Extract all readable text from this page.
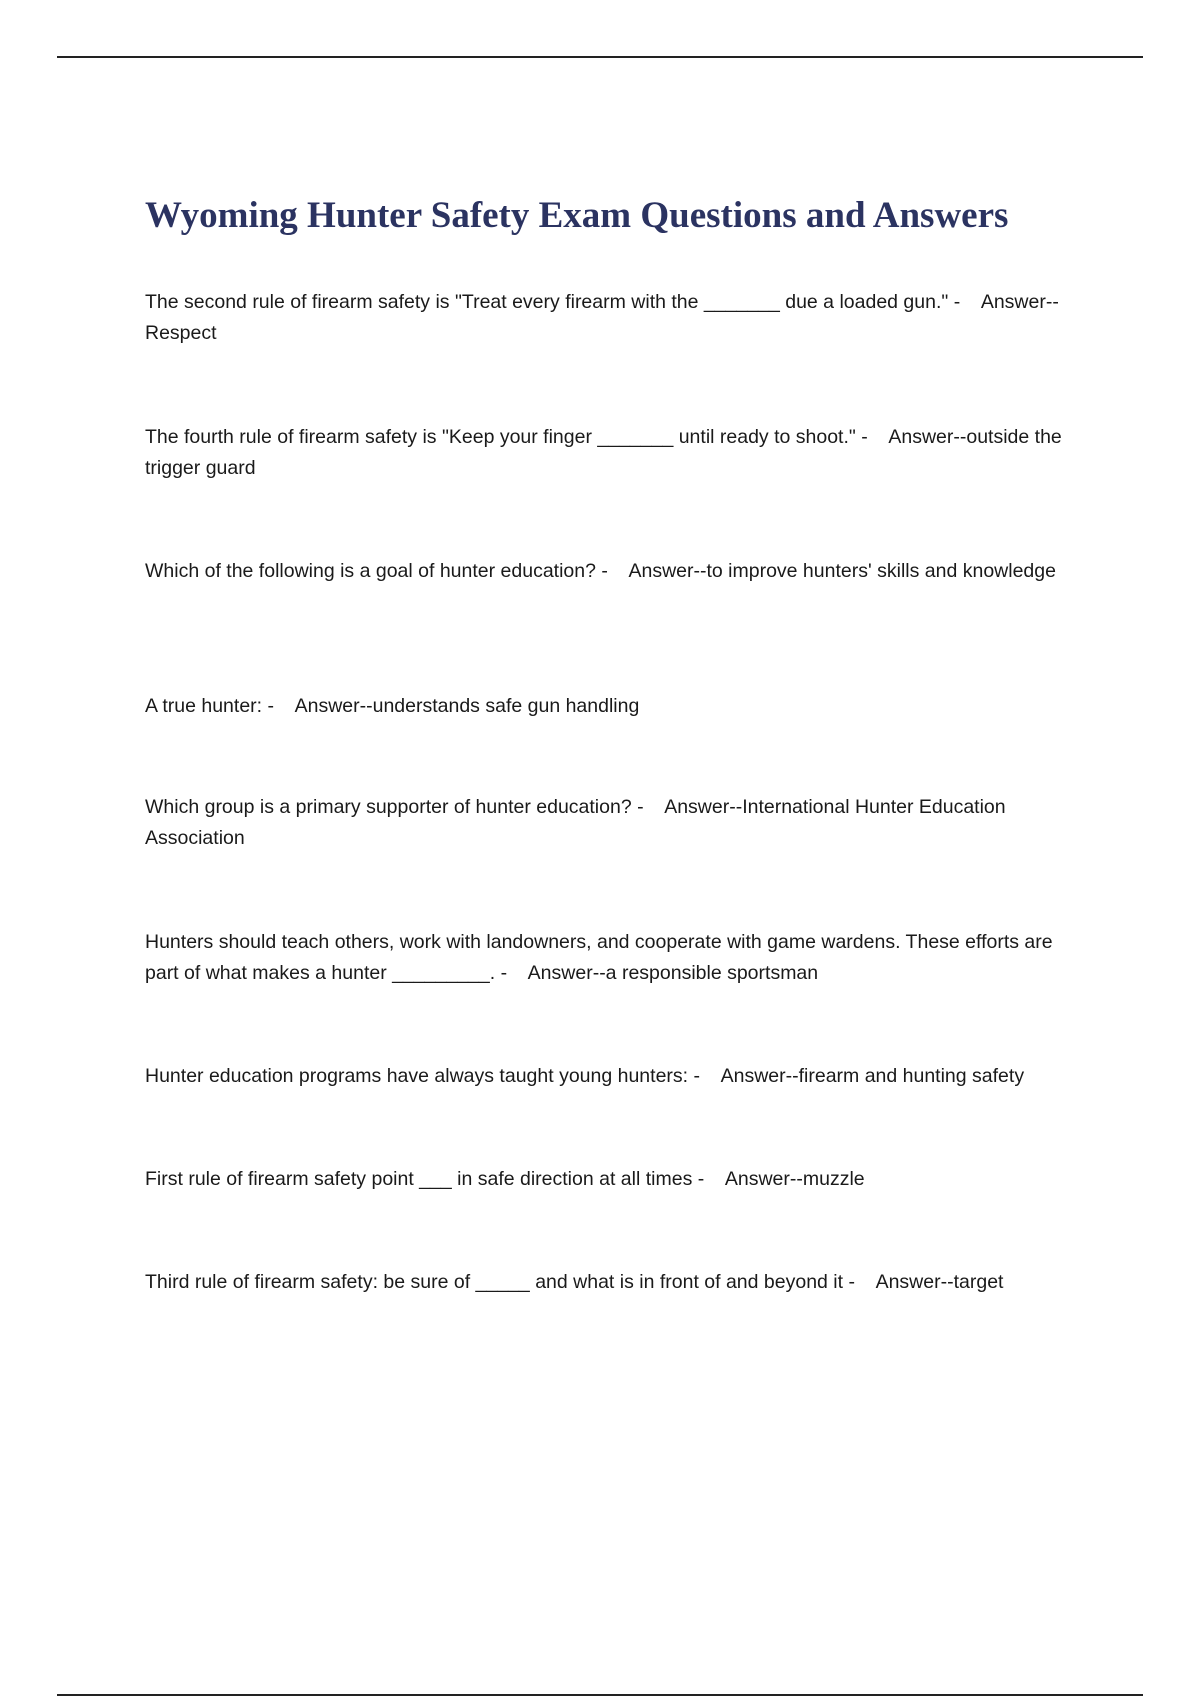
Wyoming Hunter Safety Exam Questions and Answers
The second rule of firearm safety is "Treat every firearm with the _______ due a loaded gun." -    Answer--Respect
The fourth rule of firearm safety is "Keep your finger _______ until ready to shoot." -    Answer--outside the trigger guard
Which of the following is a goal of hunter education? -    Answer--to improve hunters' skills and knowledge
A true hunter: -    Answer--understands safe gun handling
Which group is a primary supporter of hunter education? -    Answer--International Hunter Education Association
Hunters should teach others, work with landowners, and cooperate with game wardens. These efforts are part of what makes a hunter _________. -    Answer--a responsible sportsman
Hunter education programs have always taught young hunters: -    Answer--firearm and hunting safety
First rule of firearm safety point ___ in safe direction at all times -    Answer--muzzle
Third rule of firearm safety: be sure of _____ and what is in front of and beyond it -    Answer--target
